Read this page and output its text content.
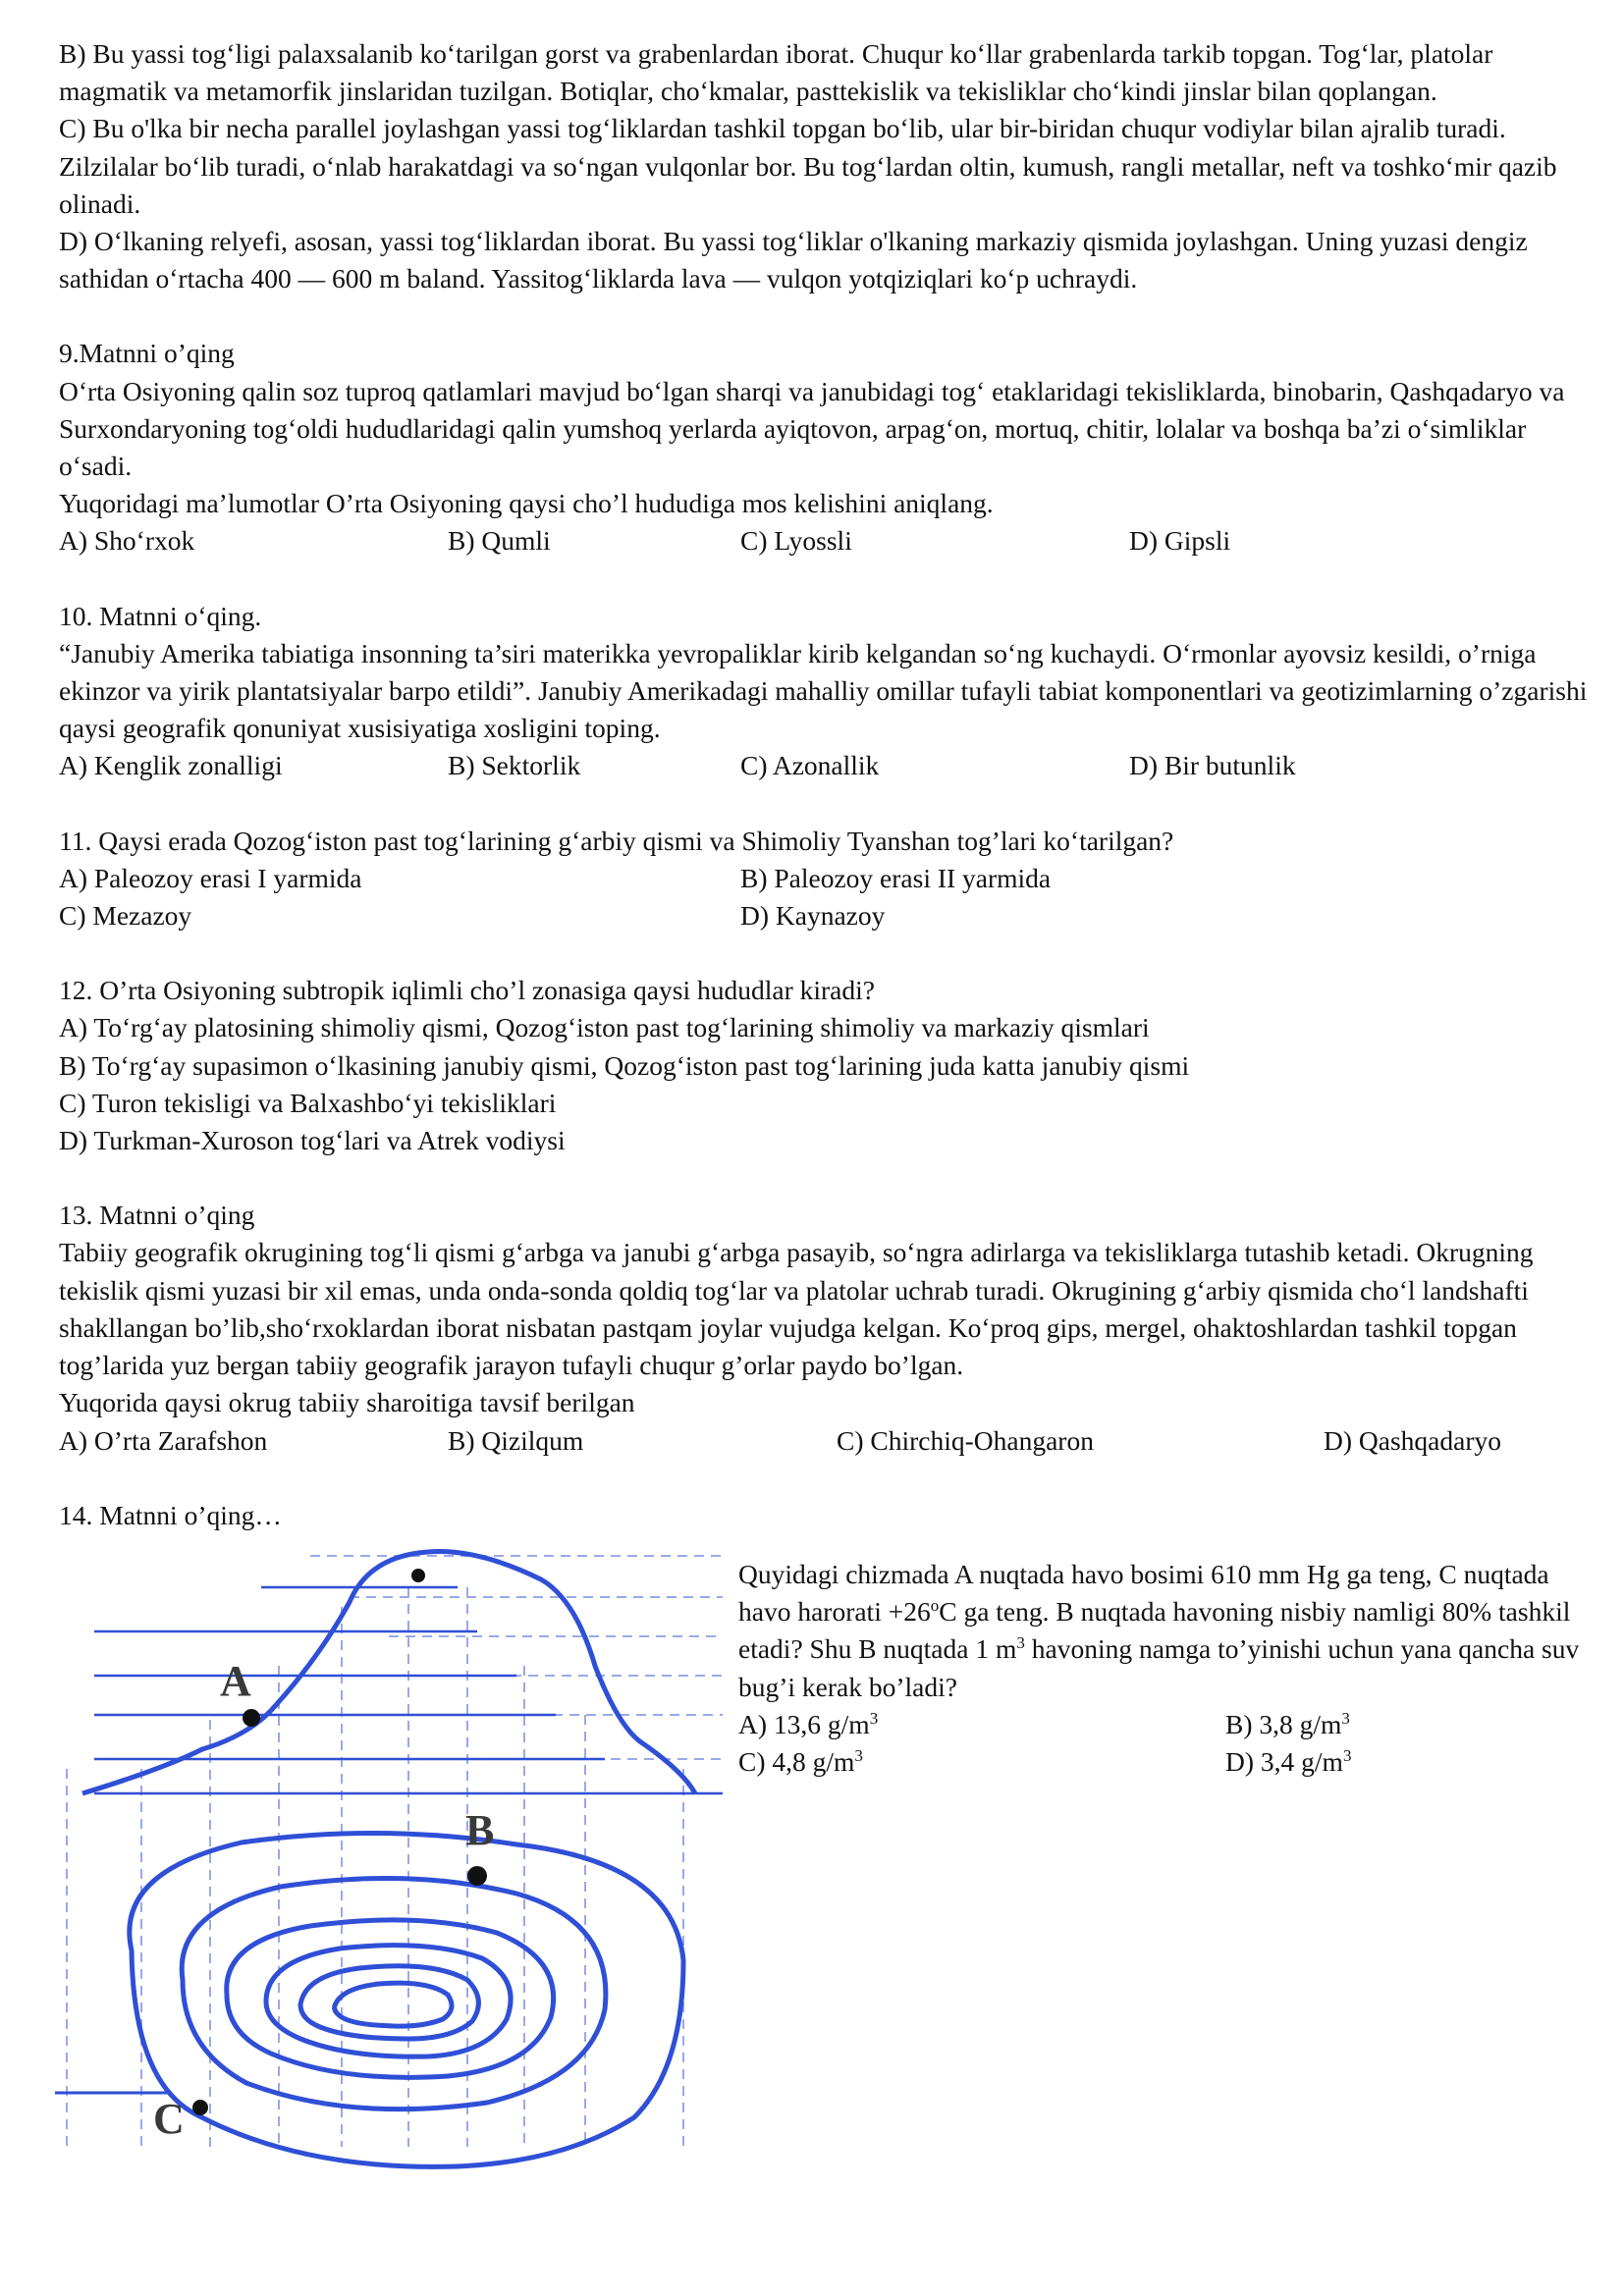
B) Bu yassi tog‘ligi palaxsalanib ko‘tarilgan gorst va grabenlardan iborat. Chuqur ko‘llar grabenlarda tarkib topgan. Tog‘lar, platolar magmatik va metamorfik jinslaridan tuzilgan. Botiqlar, cho‘kmalar, pasttekislik va tekisliklar cho‘kindi jinslar bilan qoplangan.

C) Bu o'lka bir necha parallel joylashgan yassi tog‘liklardan tashkil topgan bo‘lib, ular bir-biridan chuqur vodiylar bilan ajralib turadi. Zilzilalar bo‘lib turadi, o‘nlab harakatdagi va so‘ngan vulqonlar bor. Bu tog‘lardan oltin, kumush, rangli metallar, neft va toshko‘mir qazib olinadi.

D) O‘lkaning relyefi, asosan, yassi tog‘liklardan iborat. Bu yassi tog‘liklar o'lkaning markaziy qismida joylashgan. Uning yuzasi dengiz sathidan o‘rtacha 400 — 600 m baland. Yassitog‘liklarda lava — vulqon yotqiziqlari ko‘p uchraydi.

9.Matnni o’qing

O‘rta Osiyoning qalin soz tuproq qatlamlari mavjud bo‘lgan sharqi va janubidagi tog‘ etaklaridagi tekisliklarda, binobarin, Qashqadaryo va Surxondaryoning tog‘oldi hududlaridagi qalin yumshoq yerlarda ayiqtovon, arpag‘on, mortuq, chitir, lolalar va boshqa ba’zi o‘simliklar o‘sadi.

Yuqoridagi ma’lumotlar O’rta Osiyoning qaysi cho’l hududiga mos kelishini aniqlang.

A) Sho‘rxok	B) Qumli	C) Lyossli	D) Gipsli

10. Matnni o‘qing.

“Janubiy Amerika tabiatiga insonning ta’siri materikka yevropaliklar kirib kelgandan so‘ng kuchaydi. O‘rmonlar ayovsiz kesildi, o’rniga ekinzor va yirik plantatsiyalar barpo etildi”. Janubiy Amerikadagi mahalliy omillar tufayli tabiat komponentlari va geotizimlarning o’zgarishi qaysi geografik qonuniyat xusisiyatiga xosligini toping.

A) Kenglik zonalligi	B) Sektorlik	C) Azonallik	D) Bir butunlik

11. Qaysi erada Qozog‘iston past tog‘larining g‘arbiy qismi va Shimoliy Tyanshan tog’lari ko‘tarilgan?

A) Paleozoy erasi I yarmida	B) Paleozoy erasi II yarmida
C) Mezazoy	D) Kaynazoy

12. O’rta Osiyoning subtropik iqlimli cho’l zonasiga qaysi hududlar kiradi?

A) To‘rg‘ay platosining shimoliy qismi, Qozog‘iston past tog‘larining shimoliy va markaziy qismlari

B) To‘rg‘ay supasimon o‘lkasining janubiy qismi, Qozog‘iston past tog‘larining juda katta janubiy qismi

C) Turon tekisligi va Balxashbo‘yi tekisliklari

D) Turkman-Xuroson tog‘lari va Atrek vodiysi

13. Matnni o’qing

Tabiiy geografik okrugining tog‘li qismi g‘arbga va janubi g‘arbga pasayib, so‘ngra adirlarga va tekisliklarga tutashib ketadi. Okrugning tekislik qismi yuzasi bir xil emas, unda onda-sonda qoldiq tog‘lar va platolar uchrab turadi. Okrugining g‘arbiy qismida cho‘l landshafti shakllangan bo’lib,sho‘rxoklardan iborat nisbatan pastqam joylar vujudga kelgan. Ko‘proq gips, mergel, ohaktoshlardan tashkil topgan tog’larida yuz bergan tabiiy geografik jarayon tufayli chuqur g’orlar paydo bo’lgan.

Yuqorida qaysi okrug tabiiy sharoitiga tavsif berilgan

A) O’rta Zarafshon	B) Qizilqum	C) Chirchiq-Ohangaron	D) Qashqadaryo

14. Matnni o’qing…

A
B
C

Quyidagi chizmada A nuqtada havo bosimi 610 mm Hg ga teng, C nuqtada havo harorati $+26^oC$ ga teng. B nuqtada havoning nisbiy namligi 80% tashkil etadi? Shu B nuqtada 1 $m^3$ havoning namga to’yinishi uchun yana qancha suv bug’i kerak bo’ladi?

A) 13,6 $g/m^3$	B) 3,8 $g/m^3$
C) 4,8 $g/m^3$	D) 3,4 $g/m^3$
